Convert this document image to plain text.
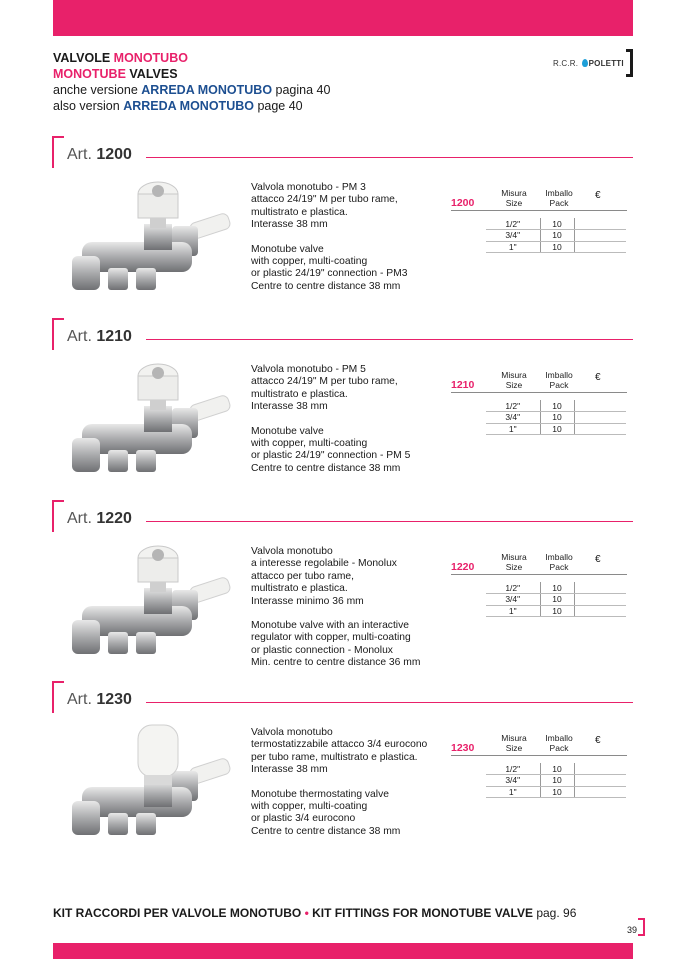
VALVOLE MONOTUBO
MONOTUBE VALVES
anche versione ARREDA MONOTUBO pagina 40
also version ARREDA MONOTUBO page 40
R.C.R. POLETTI
Art. 1200

Valvola monotubo - PM 3

attacco 24/19" M per tubo rame,

multistrato e plastica.

Interasse 38 mm

Monotube valve

with copper, multi-coating

or plastic 24/19" connection - PM3

Centre to centre distance 38 mm

Misura
Size
Imballo
Pack
€
1200
1/2"	10	
3/4"	10	
1"	10	
Art. 1210

Valvola monotubo - PM 5

attacco 24/19" M per tubo rame,

multistrato e plastica.

Interasse 38 mm

Monotube valve

with copper, multi-coating

or plastic 24/19" connection - PM 5

Centre to centre distance 38 mm

Misura
Size
Imballo
Pack
€
1210
1/2"	10	
3/4"	10	
1"	10	
Art. 1220

Valvola monotubo

a interesse regolabile - Monolux

attacco per tubo rame,

multistrato e plastica.

Interasse minimo 36 mm

Monotube valve with an interactive

regulator with copper, multi-coating

or plastic connection - Monolux

Min. centre to centre distance 36 mm

Misura
Size
Imballo
Pack
€
1220
1/2"	10	
3/4"	10	
1"	10	
Art. 1230

Valvola monotubo

termostatizzabile attacco 3/4 eurocono

per tubo rame, multistrato e plastica.

Interasse 38 mm

Monotube thermostating valve

with copper, multi-coating

or plastic 3/4 eurocono

Centre to centre distance 38 mm

Misura
Size
Imballo
Pack
€
1230
1/2"	10	
3/4"	10	
1"	10	
KIT RACCORDI PER VALVOLE MONOTUBO • KIT FITTINGS FOR MONOTUBE VALVE pag. 96
39
